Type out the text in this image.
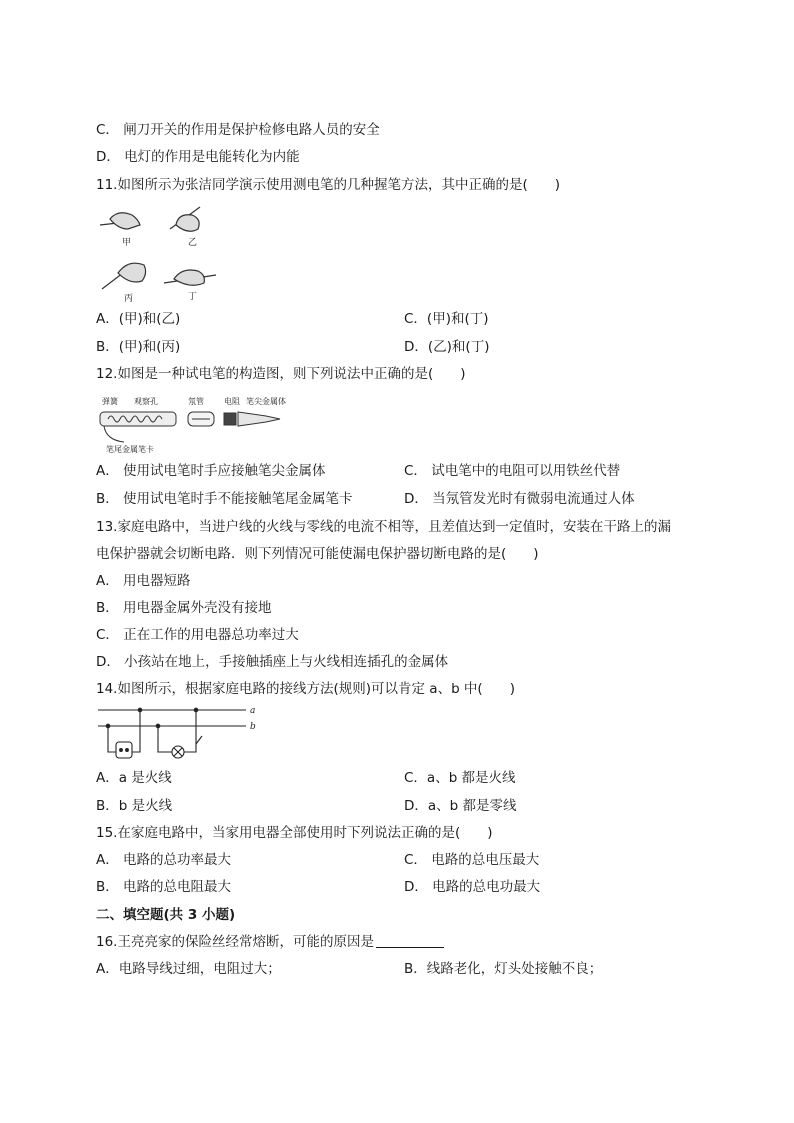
C． 闸刀开关的作用是保护检修电路人员的安全
D． 电灯的作用是电能转化为内能
11.如图所示为张洁同学演示使用测电笔的几种握笔方法，其中正确的是(　　)
甲	乙
丙	丁
A．(甲)和(乙)	C．(甲)和(丁)
B．(甲)和(丙)	D．(乙)和(丁)
12.如图是一种试电笔的构造图，则下列说法中正确的是(　　)
弹簧 观察孔	氖管	电阻 笔尖金属体
笔尾金属笔卡
A． 使用试电笔时手应接触笔尖金属体	C． 试电笔中的电阻可以用铁丝代替
B． 使用试电笔时手不能接触笔尾金属笔卡	D． 当氖管发光时有微弱电流通过人体
13.家庭电路中，当进户线的火线与零线的电流不相等，且差值达到一定值时，安装在干路上的漏
电保护器就会切断电路．则下列情况可能使漏电保护器切断电路的是(　　)
A． 用电器短路
B． 用电器金属外壳没有接地
C． 正在工作的用电器总功率过大
D． 小孩站在地上，手接触插座上与火线相连插孔的金属体
14.如图所示，根据家庭电路的接线方法(规则)可以肯定 a、b 中(　　)
a
b
A．a 是火线	C．a、b 都是火线
B．b 是火线	D．a、b 都是零线
15.在家庭电路中，当家用电器全部使用时下列说法正确的是(　　)
A． 电路的总功率最大	C． 电路的总电压最大
B． 电路的总电阻最大	D． 电路的总电功最大
二、填空题(共 3 小题)
16.王亮亮家的保险丝经常熔断，可能的原因是
A．电路导线过细，电阻过大；	B．线路老化，灯头处接触不良；
